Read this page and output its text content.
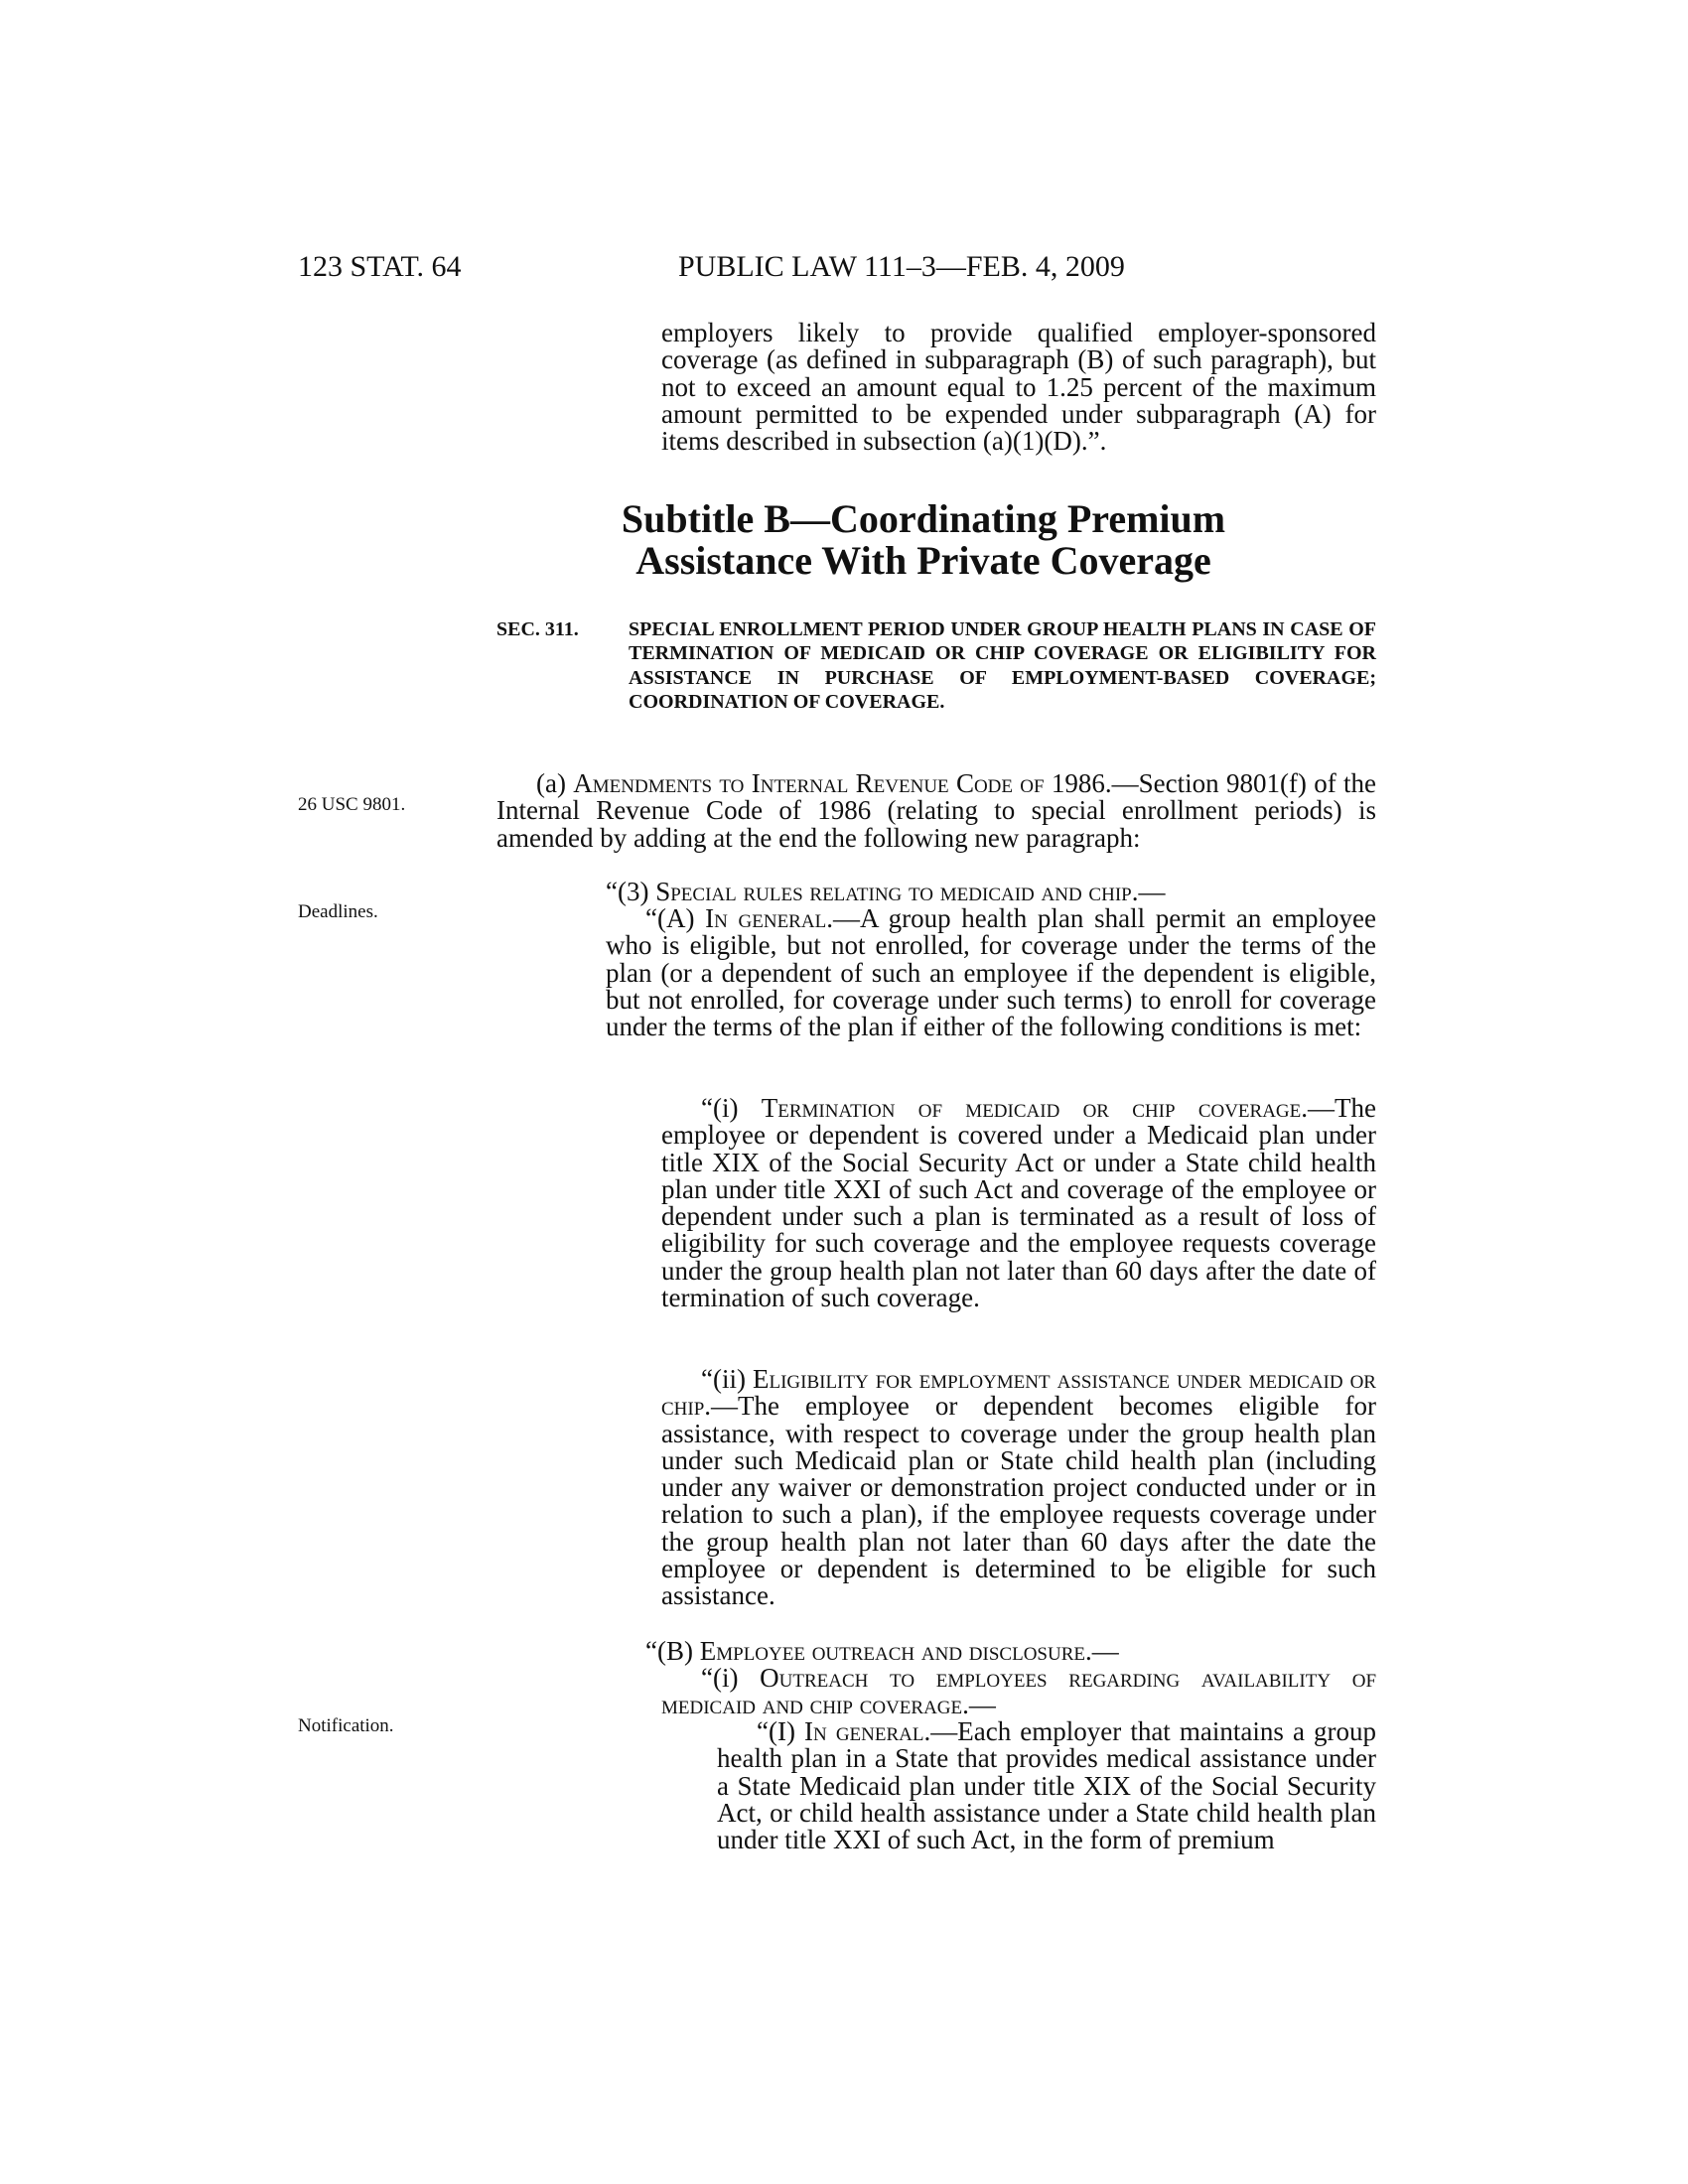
123 STAT. 64	PUBLIC LAW 111–3—FEB. 4, 2009
26 USC 9801.
Deadlines.
Notification.

employers likely to provide qualified employer-sponsored coverage (as defined in subparagraph (B) of such paragraph), but not to exceed an amount equal to 1.25 percent of the maximum amount permitted to be expended under subparagraph (A) for items described in subsection (a)(1)(D).”.

Subtitle B—Coordinating Premium Assistance With Private Coverage
SEC. 311.	SPECIAL ENROLLMENT PERIOD UNDER GROUP HEALTH PLANS IN CASE OF TERMINATION OF MEDICAID OR CHIP COVERAGE OR ELIGIBILITY FOR ASSISTANCE IN PURCHASE OF EMPLOYMENT-BASED COVERAGE; COORDINATION OF COVERAGE.

(a) Amendments to Internal Revenue Code of 1986.—Section 9801(f) of the Internal Revenue Code of 1986 (relating to special enrollment periods) is amended by adding at the end the following new paragraph:

“(3) Special rules relating to medicaid and chip.—

“(A) In general.—A group health plan shall permit an employee who is eligible, but not enrolled, for coverage under the terms of the plan (or a dependent of such an employee if the dependent is eligible, but not enrolled, for coverage under such terms) to enroll for coverage under the terms of the plan if either of the following conditions is met:

“(i) Termination of medicaid or chip coverage.—The employee or dependent is covered under a Medicaid plan under title XIX of the Social Security Act or under a State child health plan under title XXI of such Act and coverage of the employee or dependent under such a plan is terminated as a result of loss of eligibility for such coverage and the employee requests coverage under the group health plan not later than 60 days after the date of termination of such coverage.

“(ii) Eligibility for employment assistance under medicaid or chip.—The employee or dependent becomes eligible for assistance, with respect to coverage under the group health plan under such Medicaid plan or State child health plan (including under any waiver or demonstration project conducted under or in relation to such a plan), if the employee requests coverage under the group health plan not later than 60 days after the date the employee or dependent is determined to be eligible for such assistance.

“(B) Employee outreach and disclosure.—

“(i) Outreach to employees regarding availability of medicaid and chip coverage.—

“(I) In general.—Each employer that maintains a group health plan in a State that provides medical assistance under a State Medicaid plan under title XIX of the Social Security Act, or child health assistance under a State child health plan under title XXI of such Act, in the form of premium
